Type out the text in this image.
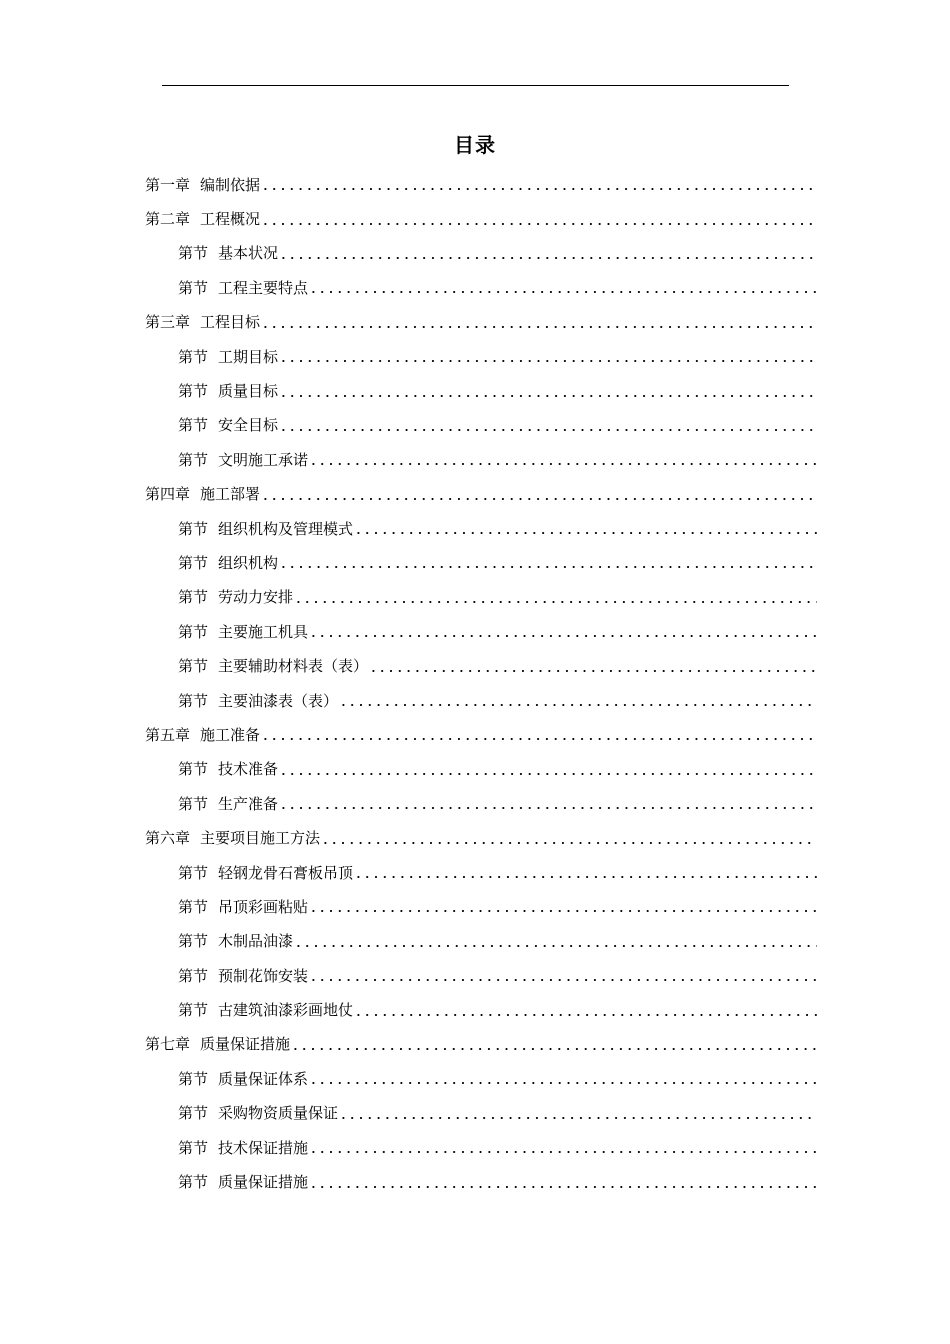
目录
第一章 编制依据
第二章 工程概况
第节 基本状况
第节 工程主要特点
第三章 工程目标
第节 工期目标
第节 质量目标
第节 安全目标
第节 文明施工承诺
第四章 施工部署
第节 组织机构及管理模式
第节 组织机构
第节 劳动力安排
第节 主要施工机具
第节 主要辅助材料表（表）
第节 主要油漆表（表）
第五章 施工准备
第节 技术准备
第节 生产准备
第六章 主要项目施工方法
第节 轻钢龙骨石膏板吊顶
第节 吊顶彩画粘贴
第节 木制品油漆
第节 预制花饰安装
第节 古建筑油漆彩画地仗
第七章 质量保证措施
第节 质量保证体系
第节 采购物资质量保证
第节 技术保证措施
第节 质量保证措施
